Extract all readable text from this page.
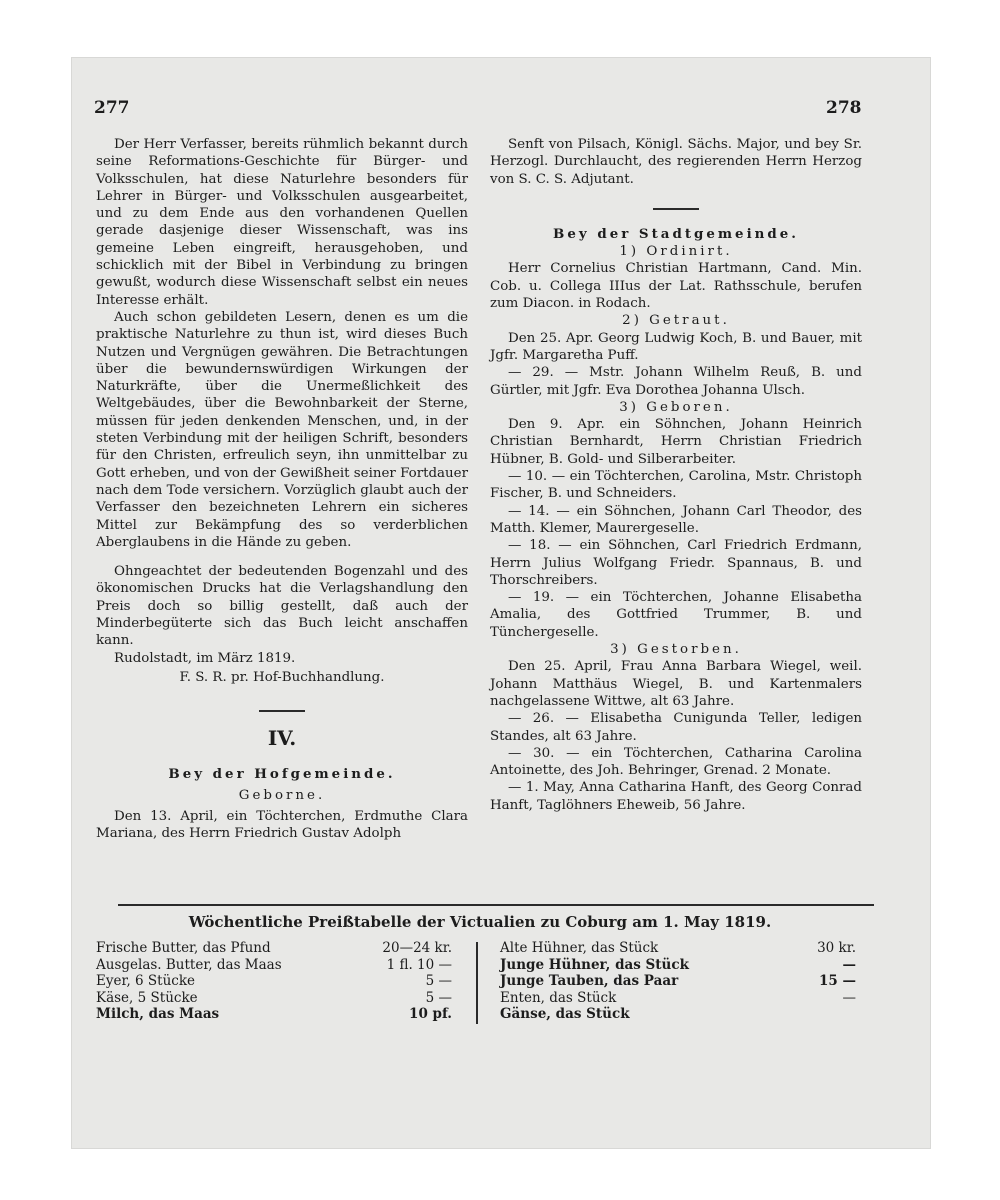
277	278

Der Herr Verfasser, bereits rühmlich bekannt durch seine Reformations-Geschichte für Bürger- und Volksschulen, hat diese Naturlehre besonders für Lehrer in Bürger- und Volksschulen ausgearbeitet, und zu dem Ende aus den vorhandenen Quellen gerade dasjenige dieser Wissenschaft, was ins gemeine Leben eingreift, herausgehoben, und schicklich mit der Bibel in Verbindung zu bringen gewußt, wodurch diese Wissenschaft selbst ein neues Interesse erhält.

Auch schon gebildeten Lesern, denen es um die praktische Naturlehre zu thun ist, wird dieses Buch Nutzen und Vergnügen gewähren. Die Betrachtungen über die bewundernswürdigen Wirkungen der Naturkräfte, über die Unermeßlichkeit des Weltgebäudes, über die Bewohnbarkeit der Sterne, müssen für jeden denkenden Menschen, und, in der steten Verbindung mit der heiligen Schrift, besonders für den Christen, erfreulich seyn, ihn unmittelbar zu Gott erheben, und von der Gewißheit seiner Fortdauer nach dem Tode versichern. Vorzüglich glaubt auch der Verfasser den bezeichneten Lehrern ein sicheres Mittel zur Bekämpfung des so verderblichen Aberglaubens in die Hände zu geben.

Ohngeachtet der bedeutenden Bogenzahl und des ökonomischen Drucks hat die Verlagshandlung den Preis doch so billig gestellt, daß auch der Minderbegüterte sich das Buch leicht anschaffen kann.

Rudolstadt, im März 1819.

F. S. R. pr. Hof-Buchhandlung.

IV.

Bey der Hofgemeinde.

Geborne.

Den 13. April, ein Töchterchen, Erdmuthe Clara Mariana, des Herrn Friedrich Gustav Adolph

Senft von Pilsach, Königl. Sächs. Major, und bey Sr. Herzogl. Durchlaucht, des regierenden Herrn Herzog von S. C. S. Adjutant.

Bey der Stadtgemeinde.

1) Ordinirt.

Herr Cornelius Christian Hartmann, Cand. Min. Cob. u. Collega IIIus der Lat. Rathsschule, berufen zum Diacon. in Rodach.

2) Getraut.

Den 25. Apr. Georg Ludwig Koch, B. und Bauer, mit Jgfr. Margaretha Puff.

— 29. — Mstr. Johann Wilhelm Reuß, B. und Gürtler, mit Jgfr. Eva Dorothea Johanna Ulsch.

3) Geboren.

Den 9. Apr. ein Söhnchen, Johann Heinrich Christian Bernhardt, Herrn Christian Friedrich Hübner, B. Gold- und Silberarbeiter.

— 10. — ein Töchterchen, Carolina, Mstr. Christoph Fischer, B. und Schneiders.

— 14. — ein Söhnchen, Johann Carl Theodor, des Matth. Klemer, Maurergeselle.

— 18. — ein Söhnchen, Carl Friedrich Erdmann, Herrn Julius Wolfgang Friedr. Spannaus, B. und Thorschreibers.

— 19. — ein Töchterchen, Johanne Elisabetha Amalia, des Gottfried Trummer, B. und Tünchergeselle.

3) Gestorben.

Den 25. April, Frau Anna Barbara Wiegel, weil. Johann Matthäus Wiegel, B. und Kartenmalers nachgelassene Wittwe, alt 63 Jahre.

— 26. — Elisabetha Cunigunda Teller, ledigen Standes, alt 63 Jahre.

— 30. — ein Töchterchen, Catharina Carolina Antoinette, des Joh. Behringer, Grenad. 2 Monate.

— 1. May, Anna Catharina Hanft, des Georg Conrad Hanft, Taglöhners Eheweib, 56 Jahre.

Wöchentliche Preißtabelle der Victualien zu Coburg am 1. May 1819.
Frische Butter, das Pfund	20—24 kr.
Ausgelas. Butter, das Maas	1 fl. 10 —
Eyer, 6 Stücke	5 —
Käse, 5 Stücke	5 —
Milch, das Maas	10 pf.
Alte Hühner, das Stück	30 kr.
Junge Hühner, das Stück	—
Junge Tauben, das Paar	15 —
Enten, das Stück	—
Gänse, das Stück
